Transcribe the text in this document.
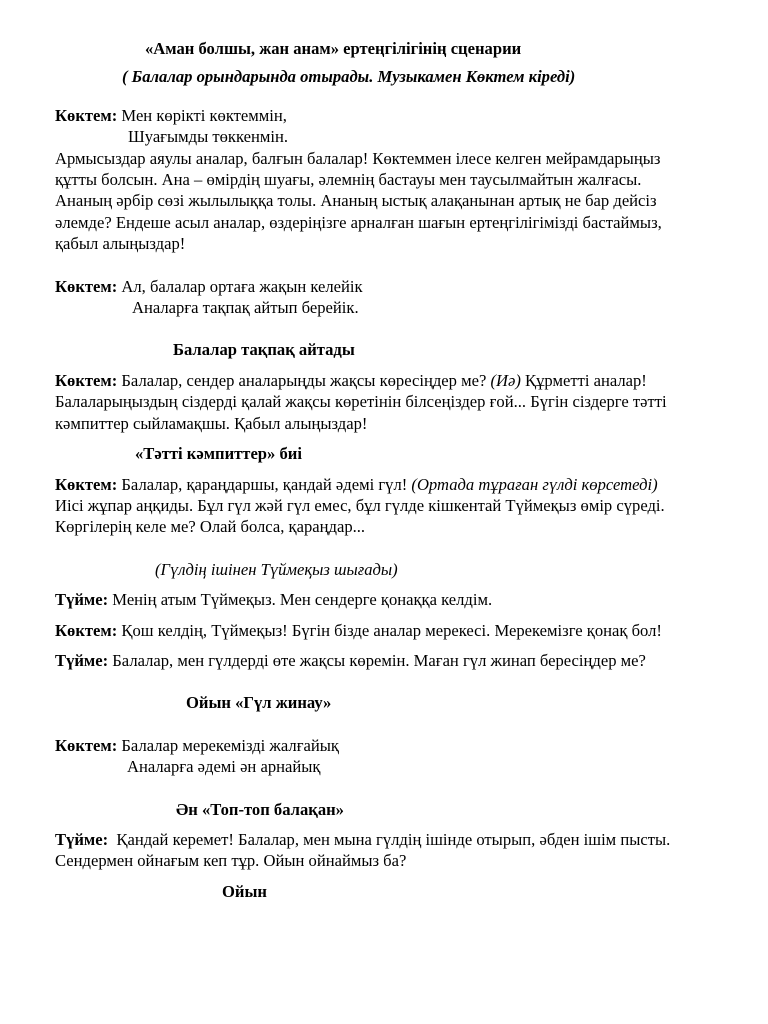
«Аман болшы, жан анам» ертеңгілігінің сценарии

( Балалар орындарында отырады. Музыкамен Көктем кіреді)

Көктем: Мен көрікті көктеммін,

Шуағымды төккенмін.

Армысыздар аяулы аналар, балғын балалар! Көктеммен ілесе келген мейрамдарыңыз

құтты болсын. Ана – өмірдің шуағы, әлемнің бастауы мен таусылмайтын жалғасы.

Ананың әрбір сөзі жылылыққа толы. Ананың ыстық алақанынан артық не бар дейсіз

әлемде? Ендеше асыл аналар, өздеріңізге арналған шағын ертеңгілігімізді бастаймыз,

қабыл алыңыздар!

Көктем: Ал, балалар ортаға жақын келейік

Аналарға тақпақ айтып берейік.

Балалар тақпақ айтады

Көктем: Балалар, сендер аналарыңды жақсы көресіңдер ме? (Иә) Құрметті аналар!

Балаларыңыздың сіздерді қалай жақсы көретінін білсеңіздер ғой... Бүгін сіздерге тәтті

кәмпиттер сыйламақшы. Қабыл алыңыздар!

«Тәтті кәмпиттер» биі

Көктем: Балалар, қараңдаршы, қандай әдемі гүл! (Ортада тұраған гүлді көрсетеді)

Иісі жұпар аңқиды. Бұл гүл жәй гүл емес, бұл гүлде кішкентай Түймеқыз өмір сүреді.

Көргілерің келе ме? Олай болса, қараңдар...

(Гүлдің ішінен Түймеқыз шығады)

Түйме: Менің атым Түймеқыз. Мен сендерге қонаққа келдім.

Көктем: Қош келдің, Түймеқыз! Бүгін бізде аналар мерекесі. Мерекемізге қонақ бол!

Түйме: Балалар, мен гүлдерді өте жақсы көремін. Маған гүл жинап бересіңдер ме?

Ойын «Гүл жинау»

Көктем: Балалар мерекемізді жалғайық

Аналарға әдемі ән арнайық

Ән «Топ-топ балақан»

Түйме: Қандай керемет! Балалар, мен мына гүлдің ішінде отырып, әбден ішім пысты.

Сендермен ойнағым кеп тұр. Ойын ойнаймыз ба?

Ойын
